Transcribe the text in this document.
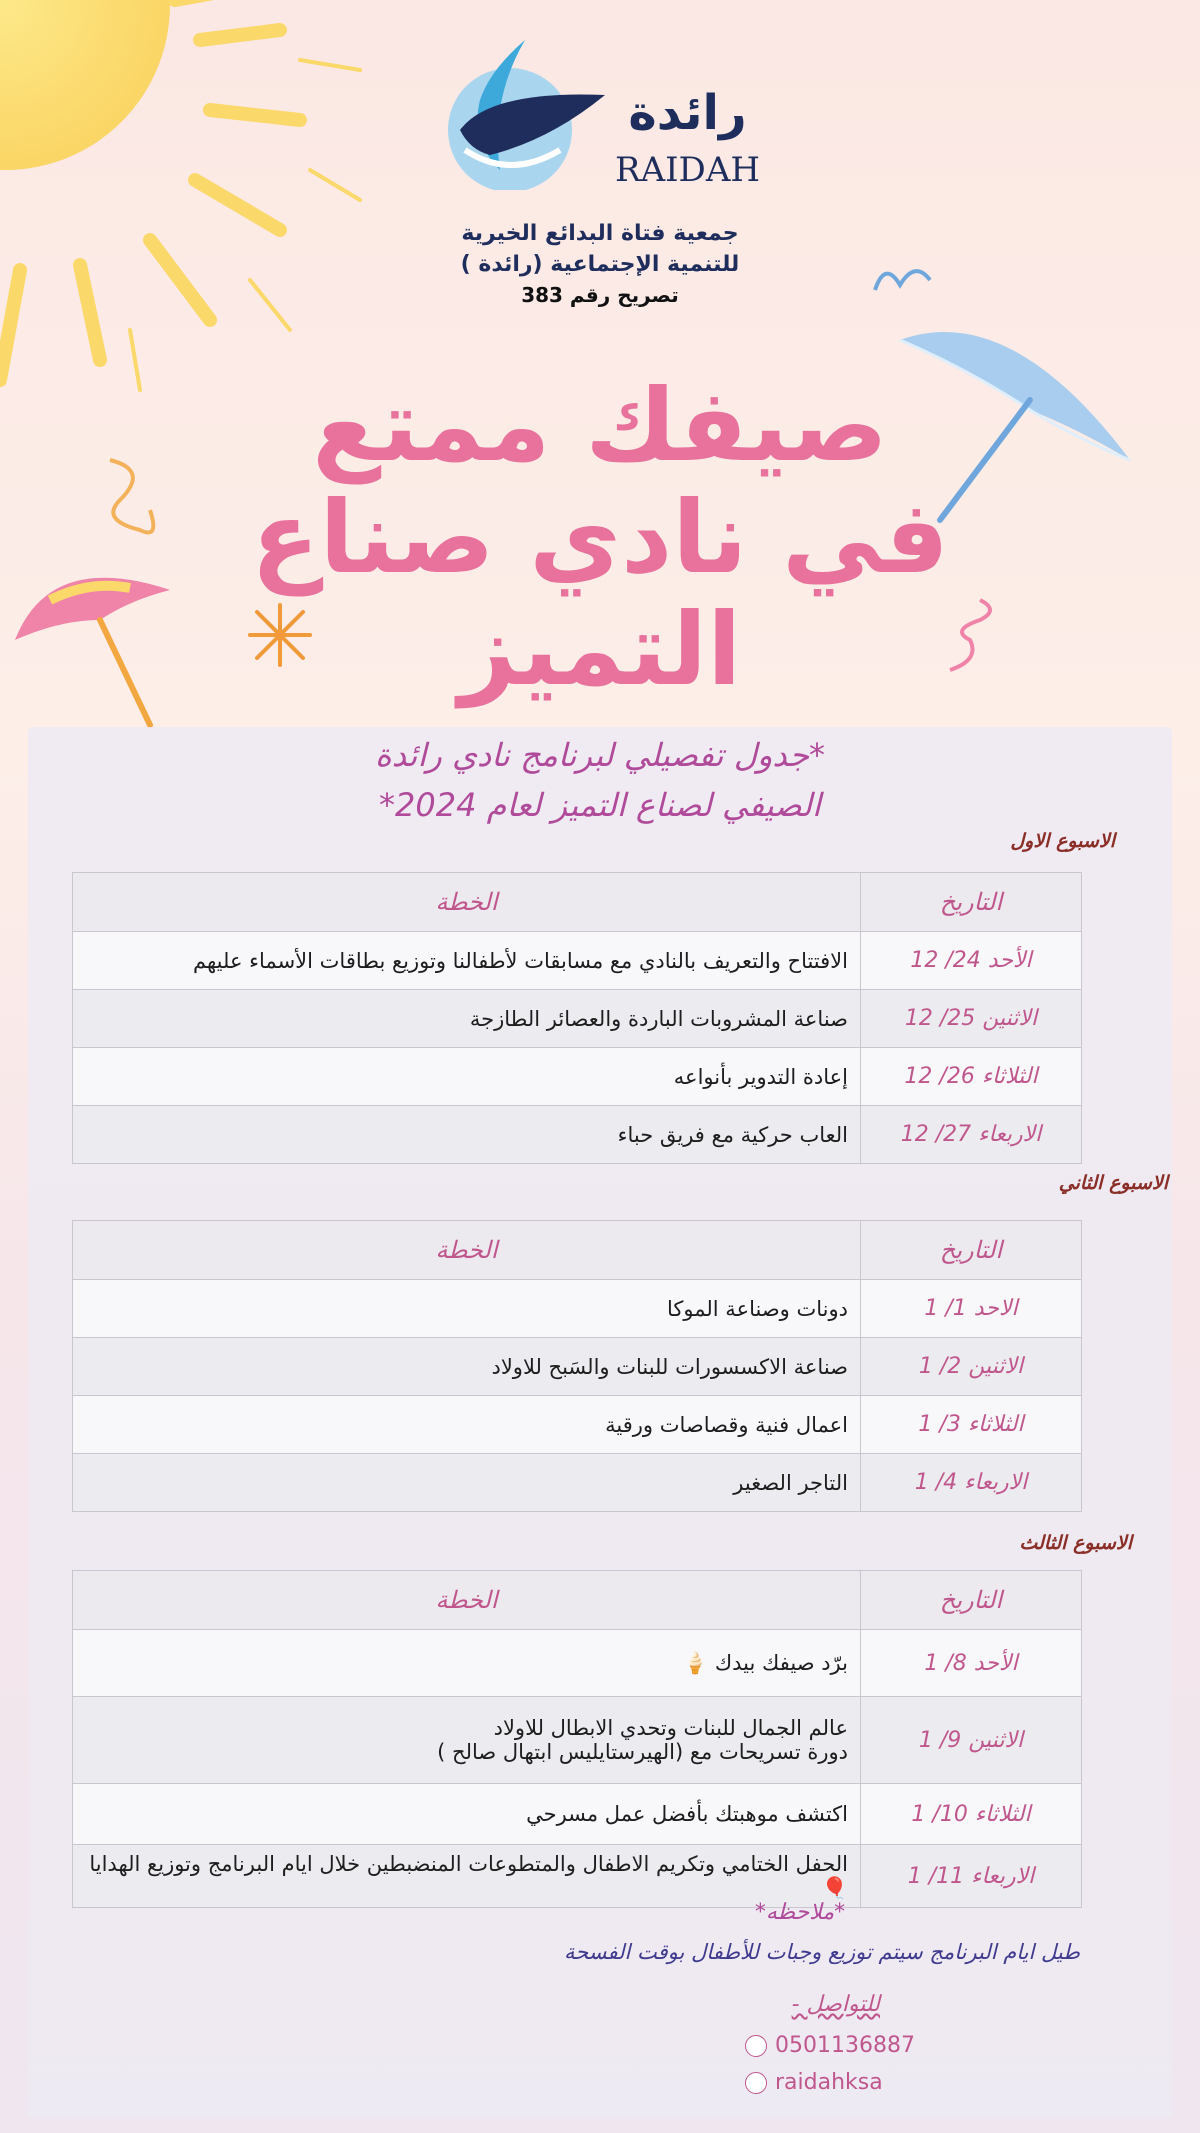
رائدة
RAIDAH
جمعية فتاة البدائع الخيرية
للتنمية الإجتماعية (رائدة )
تصريح رقم 383
صيفك ممتع
في نادي صناع
التميز
*جدول تفصيلي لبرنامج نادي رائدة
الصيفي لصناع التميز لعام 2024*
الاسبوع الاول
التاريخ	الخطة
الأحد 24/ 12	الافتتاح والتعريف بالنادي مع مسابقات لأطفالنا وتوزيع بطاقات الأسماء عليهم
الاثنين 25/ 12	صناعة المشروبات الباردة والعصائر الطازجة
الثلاثاء 26/ 12	إعادة التدوير بأنواعه
الاربعاء 27/ 12	العاب حركية مع فريق حباء
الاسبوع الثاني
التاريخ	الخطة
الاحد 1/ 1	دونات وصناعة الموكا
الاثنين 2/ 1	صناعة الاكسسورات للبنات والسَبح للاولاد
الثلاثاء 3/ 1	اعمال فنية وقصاصات ورقية
الاربعاء 4/ 1	التاجر الصغير
الاسبوع الثالث
التاريخ	الخطة
الأحد 8/ 1	برّد صيفك بيدك 🍦
الاثنين 9/ 1	عالم الجمال للبنات وتحدي الابطال للاولاد
دورة تسريحات مع (الهيرستايليس ابتهال صالح )

الثلاثاء 10/ 1	اكتشف موهبتك بأفضل عمل مسرحي
الاربعاء 11/ 1	الحفل الختامي وتكريم الاطفال والمتطوعات المنضبطين خلال ايام البرنامج وتوزيع الهدايا 🎈
*ملاحظه*
طيل ايام البرنامج سيتم توزيع وجبات للأطفال بوقت الفسحة
للتواصل -
0501136887
raidahksa
